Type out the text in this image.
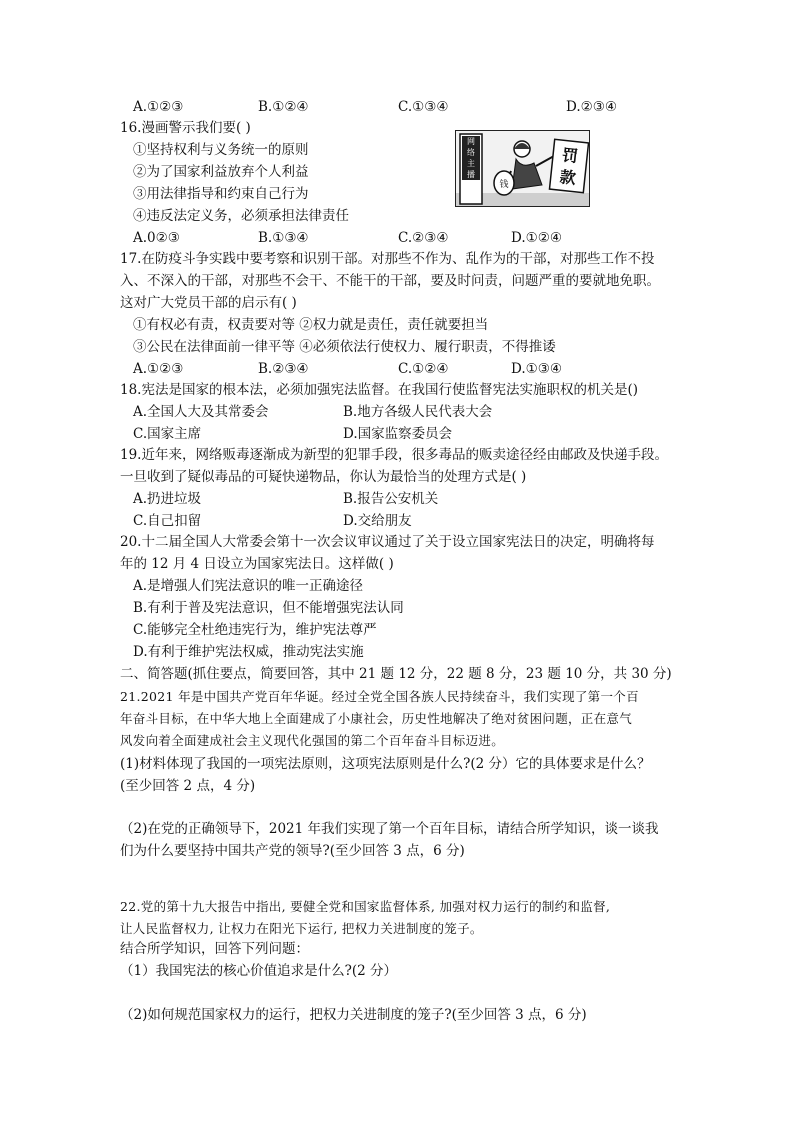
A.①②③	B.①②④	C.①③④	D.②③④
16.漫画警示我们要( )
①坚持权利与义务统一的原则
②为了国家利益放弃个人利益
③用法律指导和约束自己行为
④违反法定义务，必须承担法律责任
网
络
主
播
钱
罚
款
A.0②③	B.①③④	C.②③④	D.①②④
17.在防疫斗争实践中要考察和识别干部。对那些不作为、乱作为的干部，对那些工作不投
入、不深入的干部，对那些不会干、不能干的干部，要及时问责，问题严重的要就地免职。
这对广大党员干部的启示有( )
①有权必有责，权责要对等 ②权力就是责任，责任就要担当
③公民在法律面前一律平等 ④必须依法行使权力、履行职责，不得推诿
A.①②③	B.②③④	C.①②④	D.①③④
18.宪法是国家的根本法，必须加强宪法监督。在我国行使监督宪法实施职权的机关是()
A.全国人大及其常委会	B.地方各级人民代表大会
C.国家主席	D.国家监察委员会
19.近年来，网络贩毒逐渐成为新型的犯罪手段，很多毒品的贩卖途径经由邮政及快递手段。
一旦收到了疑似毒品的可疑快递物品，你认为最恰当的处理方式是( )
A.扔进垃圾	B.报告公安机关
C.自己扣留	D.交给朋友
20.十二届全国人大常委会第十一次会议审议通过了关于设立国家宪法日的决定，明确将每
年的 12 月 4 日设立为国家宪法日。这样做( )
A.是增强人们宪法意识的唯一正确途径
B.有利于普及宪法意识，但不能增强宪法认同
C.能够完全杜绝违宪行为，维护宪法尊严
D.有利于维护宪法权威，推动宪法实施
二、简答题(抓住要点，简要回答，其中 21 题 12 分，22 题 8 分，23 题 10 分，共 30 分)
21.2021 年是中国共产党百年华诞。经过全党全国各族人民持续奋斗，我们实现了第一个百
年奋斗目标，在中华大地上全面建成了小康社会，历史性地解决了绝对贫困问题，正在意气
风发向着全面建成社会主义现代化强国的第二个百年奋斗目标迈进。
(1)材料体现了我国的一项宪法原则，这项宪法原则是什么?(2 分）它的具体要求是什么？
(至少回答 2 点，4 分)
（2)在党的正确领导下，2021 年我们实现了第一个百年目标，请结合所学知识，谈一谈我
们为什么要坚持中国共产党的领导?(至少回答 3 点，6 分)
22.党的第十九大报告中指出, 要健全党和国家监督体系, 加强对权力运行的制约和监督,
让人民监督权力, 让权力在阳光下运行, 把权力关进制度的笼子。
结合所学知识，回答下列问题：
（1）我国宪法的核心价值追求是什么?(2 分）
（2)如何规范国家权力的运行，把权力关进制度的笼子?(至少回答 3 点，6 分)
